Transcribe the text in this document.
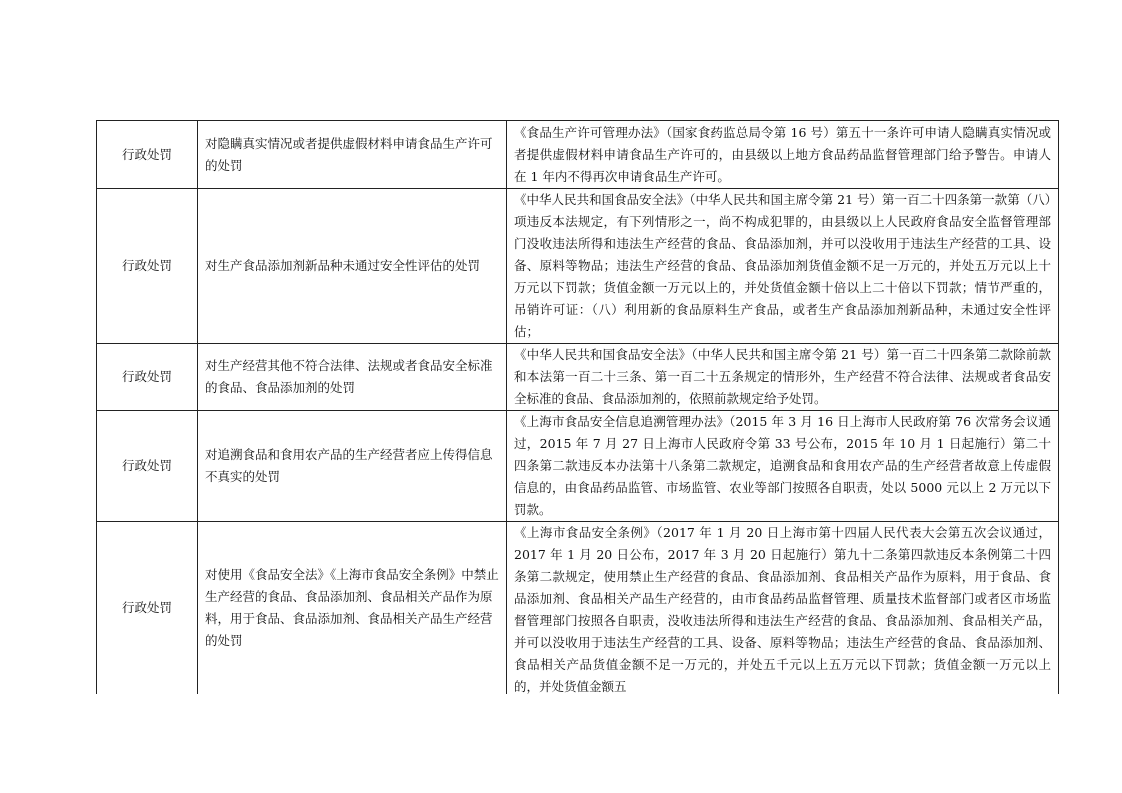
行政处罚	对隐瞒真实情况或者提供虚假材料申请食品生产许可的处罚	《食品生产许可管理办法》（国家食药监总局令第 16 号）第五十一条许可申请人隐瞒真实情况或者提供虚假材料申请食品生产许可的，由县级以上地方食品药品监督管理部门给予警告。申请人在 1 年内不得再次申请食品生产许可。

行政处罚	对生产食品添加剂新品种未通过安全性评估的处罚	《中华人民共和国食品安全法》（中华人民共和国主席令第 21 号）第一百二十四条第一款第（八）项违反本法规定，有下列情形之一，尚不构成犯罪的，由县级以上人民政府食品安全监督管理部门没收违法所得和违法生产经营的食品、食品添加剂，并可以没收用于违法生产经营的工具、设备、原料等物品；违法生产经营的食品、食品添加剂货值金额不足一万元的，并处五万元以上十万元以下罚款；货值金额一万元以上的，并处货值金额十倍以上二十倍以下罚款；情节严重的，吊销许可证：（八）利用新的食品原料生产食品，或者生产食品添加剂新品种，未通过安全性评估；

行政处罚	对生产经营其他不符合法律、法规或者食品安全标准的食品、食品添加剂的处罚	《中华人民共和国食品安全法》（中华人民共和国主席令第 21 号）第一百二十四条第二款除前款和本法第一百二十三条、第一百二十五条规定的情形外，生产经营不符合法律、法规或者食品安全标准的食品、食品添加剂的，依照前款规定给予处罚。

行政处罚	对追溯食品和食用农产品的生产经营者应上传得信息不真实的处罚	《上海市食品安全信息追溯管理办法》（2015 年 3 月 16 日上海市人民政府第 76 次常务会议通过，2015 年 7 月 27 日上海市人民政府令第 33 号公布，2015 年 10 月 1 日起施行）第二十四条第二款违反本办法第十八条第二款规定，追溯食品和食用农产品的生产经营者故意上传虚假信息的，由食品药品监管、市场监管、农业等部门按照各自职责，处以 5000 元以上 2 万元以下罚款。

行政处罚	对使用《食品安全法》《上海市食品安全条例》中禁止生产经营的食品、食品添加剂、食品相关产品作为原料，用于食品、食品添加剂、食品相关产品生产经营的处罚	《上海市食品安全条例》（2017 年 1 月 20 日上海市第十四届人民代表大会第五次会议通过，2017 年 1 月 20 日公布，2017 年 3 月 20 日起施行）第九十二条第四款违反本条例第二十四条第二款规定，使用禁止生产经营的食品、食品添加剂、食品相关产品作为原料，用于食品、食品添加剂、食品相关产品生产经营的，由市食品药品监督管理、质量技术监督部门或者区市场监督管理部门按照各自职责，没收违法所得和违法生产经营的食品、食品添加剂、食品相关产品，并可以没收用于违法生产经营的工具、设备、原料等物品；违法生产经营的食品、食品添加剂、食品相关产品货值金额不足一万元的，并处五千元以上五万元以下罚款；货值金额一万元以上的，并处货值金额五
